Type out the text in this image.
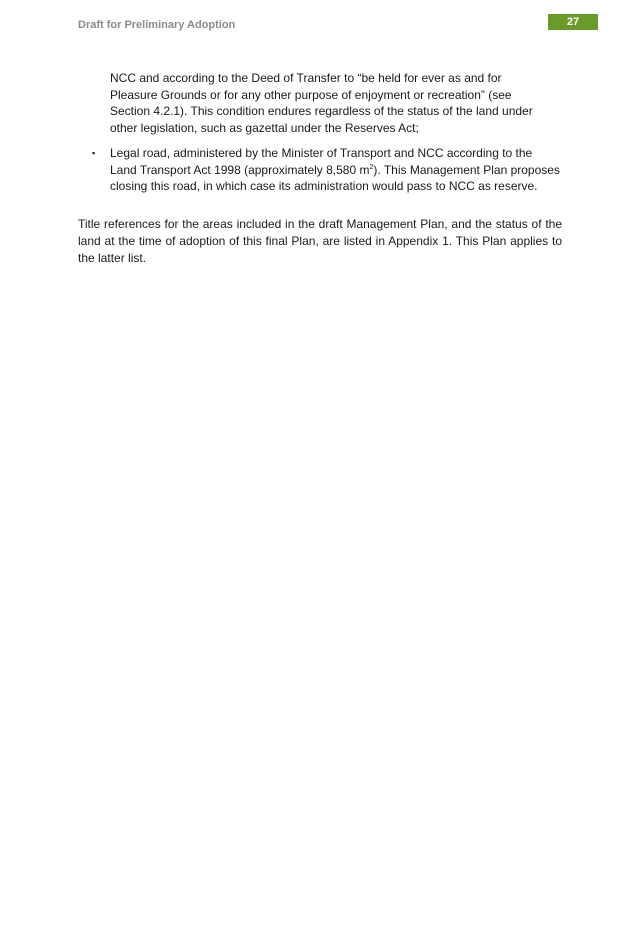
Draft for Preliminary Adoption	27

NCC and according to the Deed of Transfer to “be held for ever as and for Pleasure Grounds or for any other purpose of enjoyment or recreation” (see Section 4.2.1). This condition endures regardless of the status of the land under other legislation, such as gazettal under the Reserves Act;

▪ Legal road, administered by the Minister of Transport and NCC according to the Land Transport Act 1998 (approximately 8,580 $m^2$). This Management Plan proposes closing this road, in which case its administration would pass to NCC as reserve.

Title references for the areas included in the draft Management Plan, and the status of the land at the time of adoption of this final Plan, are listed in Appendix 1. This Plan applies to the latter list.
